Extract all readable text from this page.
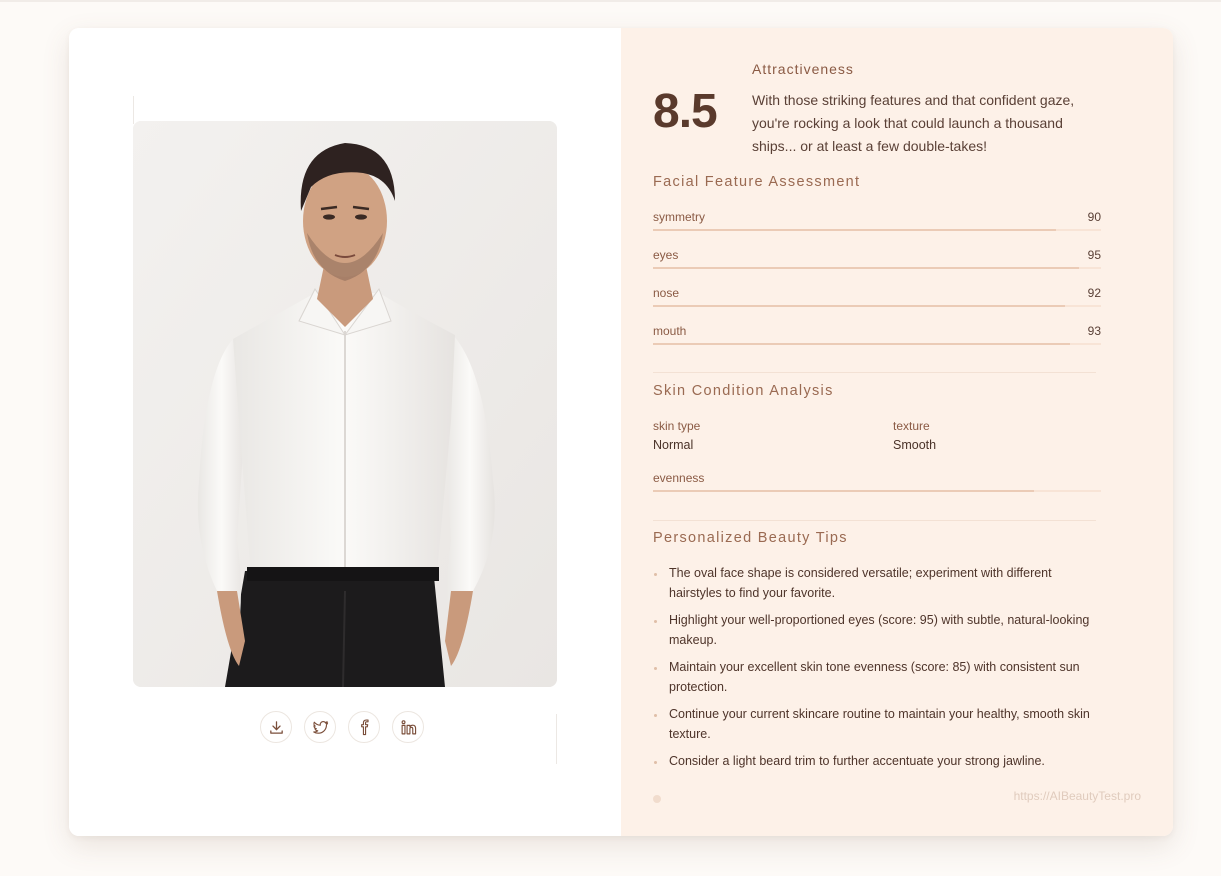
8.5
Attractiveness
With those striking features and that confident gaze, you're rocking a look that could launch a thousand ships... or at least a few double-takes!
Facial Feature Assessment
symmetry	90
eyes	95
nose	92
mouth	93
Skin Condition Analysis
skin type
Normal
texture
Smooth
evenness
Personalized Beauty Tips
The oval face shape is considered versatile; experiment with different hairstyles to find your favorite.
Highlight your well-proportioned eyes (score: 95) with subtle, natural-looking makeup.
Maintain your excellent skin tone evenness (score: 85) with consistent sun protection.
Continue your current skincare routine to maintain your healthy, smooth skin texture.
Consider a light beard trim to further accentuate your strong jawline.
https://AIBeautyTest.pro
